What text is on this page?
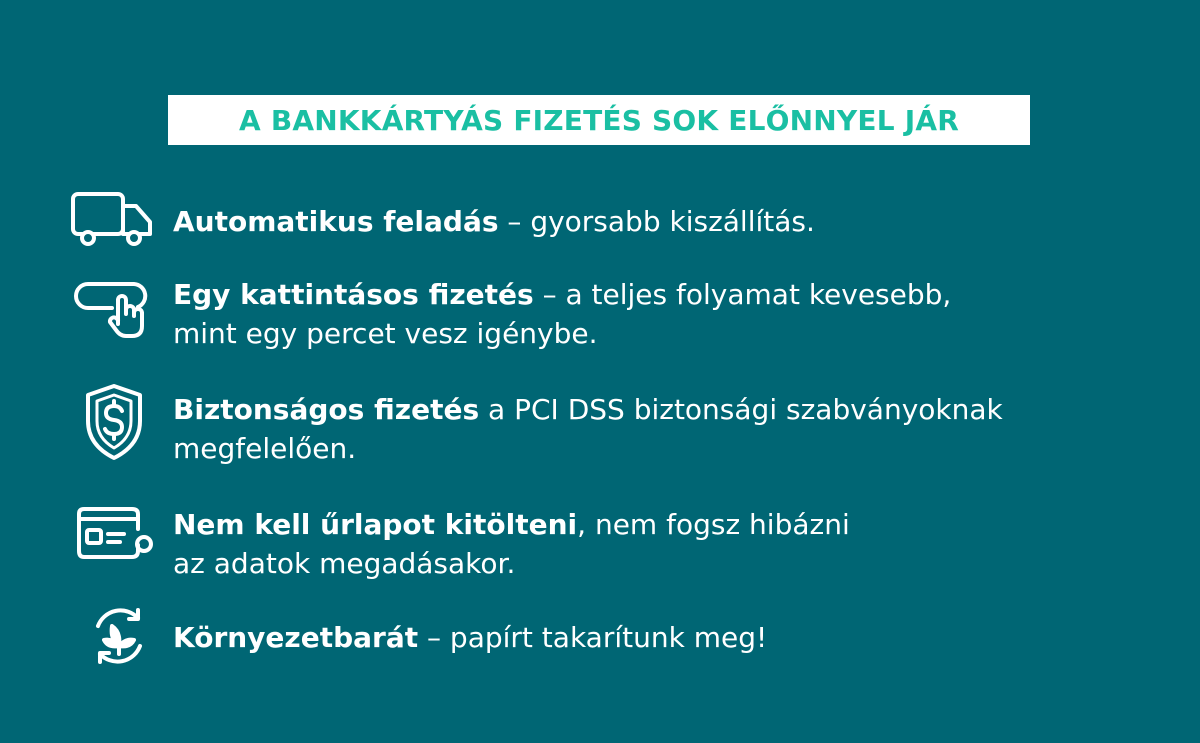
A BANKKÁRTYÁS FIZETÉS SOK ELŐNNYEL JÁR
Automatikus feladás – gyorsabb kiszállítás.
Egy kattintásos fizetés – a teljes folyamat kevesebb,
mint egy percet vesz igénybe.
Biztonságos fizetés a PCI DSS biztonsági szabványoknak
megfelelően.
Nem kell űrlapot kitölteni, nem fogsz hibázni
az adatok megadásakor.
Környezetbarát – papírt takarítunk meg!
